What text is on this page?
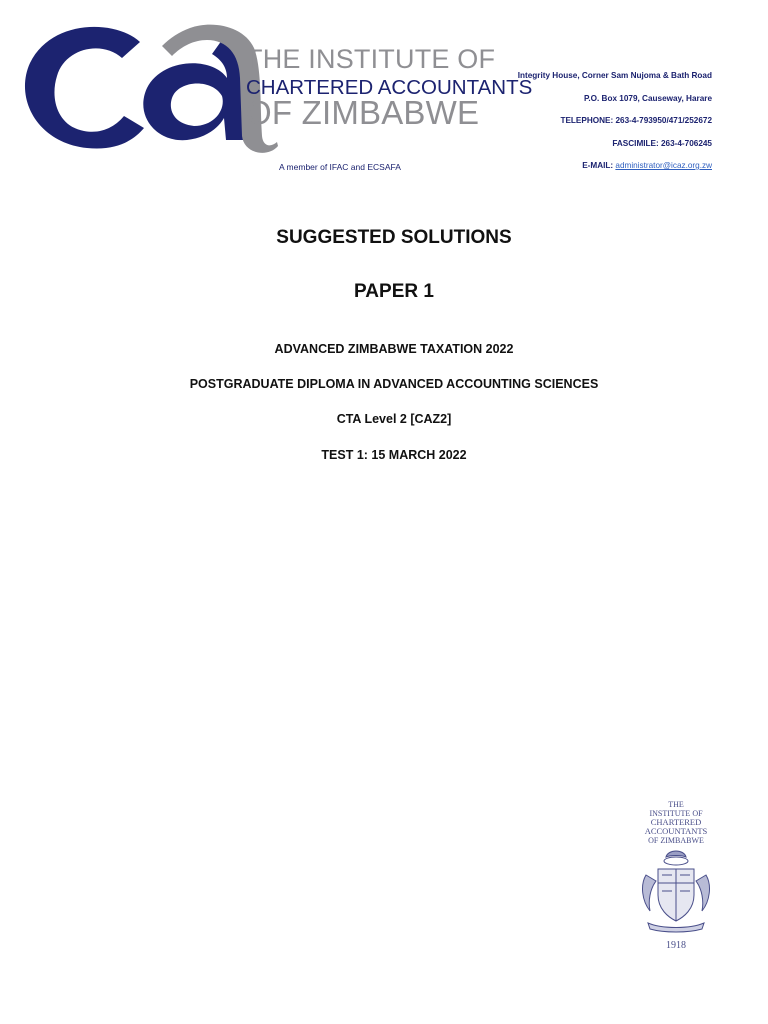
THE INSTITUTE OF
CHARTERED ACCOUNTANTS
OF ZIMBABWE
A member of IFAC and ECSAFA
Integrity House, Corner Sam Nujoma & Bath Road
P.O. Box 1079, Causeway, Harare
TELEPHONE: 263-4-793950/471/252672
FASCIMILE: 263-4-706245
E-MAIL: administrator@icaz.org.zw
SUGGESTED SOLUTIONS
PAPER 1
ADVANCED ZIMBABWE TAXATION 2022
POSTGRADUATE DIPLOMA IN ADVANCED ACCOUNTING SCIENCES
CTA Level 2 [CAZ2]
TEST 1: 15 MARCH 2022
THE
INSTITUTE OF
CHARTERED
ACCOUNTANTS
OF ZIMBABWE
1918
